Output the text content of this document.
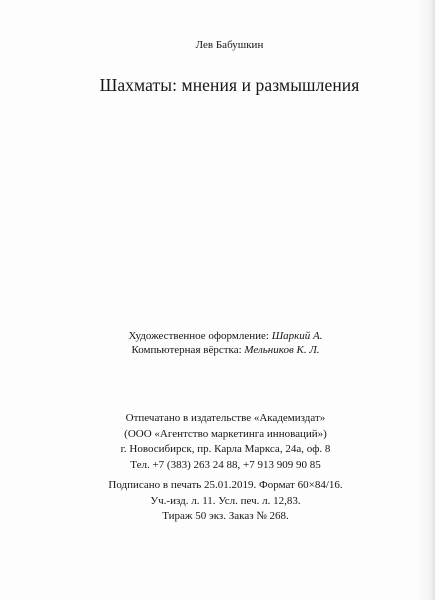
Лев Бабушкин
Шахматы: мнения и размышления
Художественное оформление: Шаркий А.
Компьютерная вёрстка: Мельников К. Л.
Отпечатано в издательстве «Академиздат»
(ООО «Агентство маркетинга инноваций»)
г. Новосибирск, пр. Карла Маркса, 24а, оф. 8
Тел. +7 (383) 263 24 88, +7 913 909 90 85
Подписано в печать 25.01.2019. Формат 60×84/16.
Уч.-изд. л. 11. Усл. печ. л. 12,83.
Тираж 50 экз. Заказ № 268.
